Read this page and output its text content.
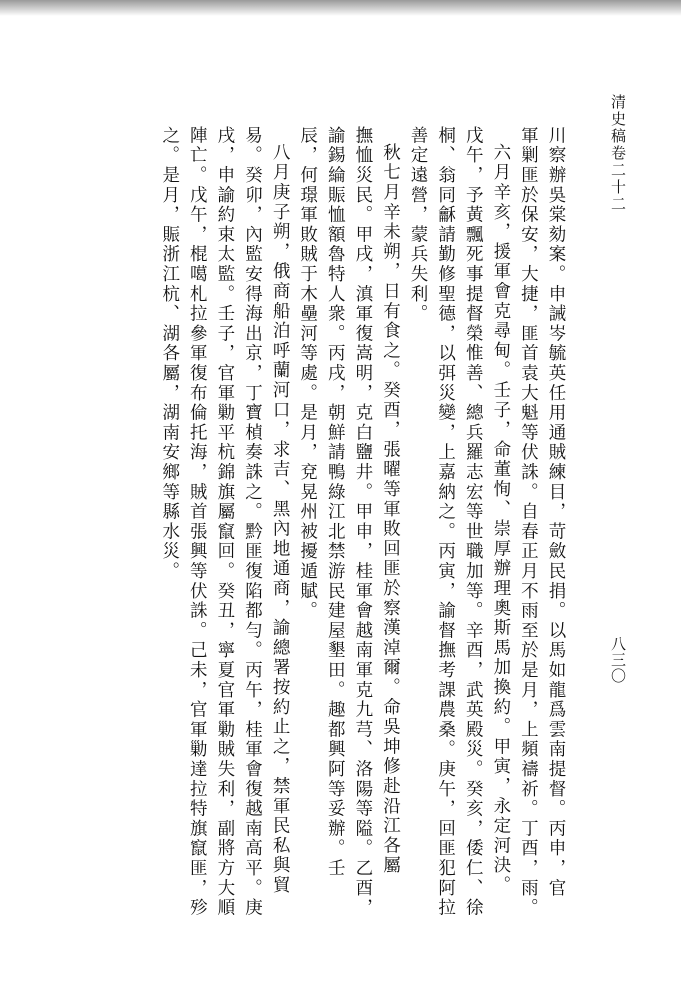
清史稿卷二十二
八三〇
川察辦吳棠劾案。申誡岑毓英任用通賊練目，苛斂民捐。以馬如龍爲雲南提督。丙申，官
軍剿匪於保安，大捷，匪首袁大魁等伏誅。自春正月不雨至於是月，上頻禱祈。丁酉，雨。
六月辛亥，援軍會克尋甸。壬子，命董恂、崇厚辦理奧斯馬加換約。甲寅，永定河決。
戊午，予黃飄死事提督榮惟善、總兵羅志宏等世職加等。辛酉，武英殿災。癸亥，倭仁、徐
桐、翁同龢請勤修聖德，以弭災變，上嘉納之。丙寅，諭督撫考課農桑。庚午，回匪犯阿拉
善定遠營，蒙兵失利。
秋七月辛未朔，日有食之。癸酉，張曜等軍敗回匪於察漢淖爾。命吳坤修赴沿江各屬
撫恤災民。甲戌，滇軍復嵩明，克白鹽井。甲申，桂軍會越南軍克九芎、洛陽等隘。乙酉，
諭錫綸賑恤額魯特人衆。丙戌，朝鮮請鴨綠江北禁游民建屋墾田。趣都興阿等妥辦。壬
辰，何璟軍敗賊于木壘河等處。是月，兗晃州被擾遁賦。
八月庚子朔，俄商船泊呼蘭河口，求吉、黑內地通商，諭總署按約止之，禁軍民私與貿
易。癸卯，內監安得海出京，丁寶楨奏誅之。黔匪復陷都勻。丙午，桂軍會復越南高平。庚
戌，申諭約束太監。壬子，官軍勦平杭錦旗屬竄回。癸丑，寧夏官軍勦賊失利，副將方大順
陣亡。戊午，棍噶札拉參軍復布倫托海，賊首張興等伏誅。己未，官軍勦達拉特旗竄匪，殄
之。是月，賑浙江杭、湖各屬，湖南安鄉等縣水災。
